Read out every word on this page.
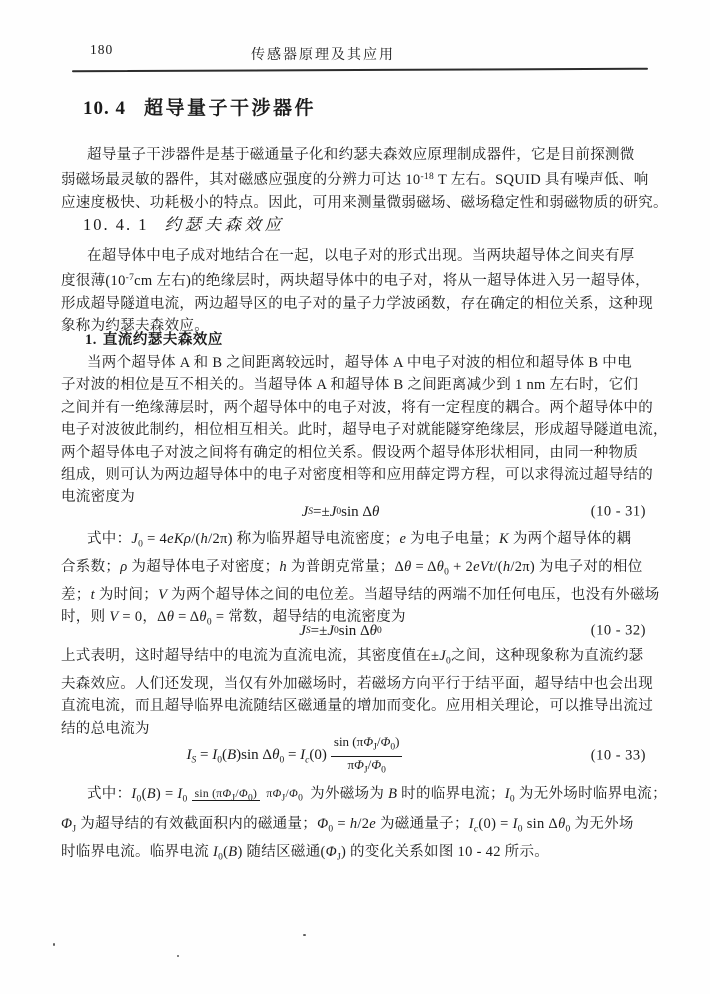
180	传感器原理及其应用
10. 4 超导量子干涉器件
超导量子干涉器件是基于磁通量子化和约瑟夫森效应原理制成器件，它是目前探测微
弱磁场最灵敏的器件，其对磁感应强度的分辨力可达 $10^{-18}$ T 左右。SQUID 具有噪声低、响
应速度极快、功耗极小的特点。因此，可用来测量微弱磁场、磁场稳定性和弱磁物质的研究。
10. 4. 1 约瑟夫森效应
在超导体中电子成对地结合在一起，以电子对的形式出现。当两块超导体之间夹有厚
度很薄($10^{-7}cm$ 左右)的绝缘层时，两块超导体中的电子对，将从一超导体进入另一超导体，
形成超导隧道电流，两边超导区的电子对的量子力学波函数，存在确定的相位关系，这种现
象称为约瑟夫森效应。
1. 直流约瑟夫森效应
当两个超导体 A 和 B 之间距离较远时，超导体 A 中电子对波的相位和超导体 B 中电
子对波的相位是互不相关的。当超导体 A 和超导体 B 之间距离减少到 1 nm 左右时，它们
之间并有一绝缘薄层时，两个超导体中的电子对波，将有一定程度的耦合。两个超导体中的
电子对波彼此制约，相位相互相关。此时，超导电子对就能隧穿绝缘层，形成超导隧道电流，
两个超导体电子对波之间将有确定的相位关系。假设两个超导体形状相同，由同一种物质
组成，则可认为两边超导体中的电子对密度相等和应用薛定谔方程，可以求得流过超导结的
电流密度为
J S =± J 0 sin Δ θ	(10 - 31)
式中：$J_0 = 4eK\rho/(h/2\pi)$ 称为临界超导电流密度；e 为电子电量；K 为两个超导体的耦
合系数；ρ 为超导体电子对密度；h 为普朗克常量；$\Delta\theta = \Delta\theta_0 + 2eVt/(h/2\pi)$ 为电子对的相位
差；t 为时间；V 为两个超导体之间的电位差。当超导结的两端不加任何电压，也没有外磁场
时，则 V = 0，$\Delta\theta = \Delta\theta_0$ = 常数，超导结的电流密度为
J S =± J 0 sin Δ θ 0	(10 - 32)
上式表明，这时超导结中的电流为直流电流，其密度值在$\pm J_0$之间，这种现象称为直流约瑟
夫森效应。人们还发现，当仅有外加磁场时，若磁场方向平行于结平面，超导结中也会出现
直流电流，而且超导临界电流随结区磁通量的增加而变化。应用相关理论，可以推导出流过
结的总电流为
$I_S = I_0(B)\sin$ $\Delta\theta_0 = I_c(0) \frac{\sin (\pi\Phi_J/\Phi_0)}{\pi\Phi_J/\Phi_0}$	(10 - 33)
式中：$I_0(B) = I_0$ $\sin (\pi\Phi_J/\Phi_0)$ $\pi\Phi_J/\Phi_0$ 为外磁场为 B 时的临界电流；$I_0$ 为无外场时临界电流；
$\Phi_J$ 为超导结的有效截面积内的磁通量；$\Phi_0 = h/2e$ 为磁通量子；$I_c(0) = I_0$ $\sin \Delta\theta_0$ 为无外场
时临界电流。临界电流 $I_0(B)$ 随结区磁通$(\Phi_J)$ 的变化关系如图 10 - 42 所示。
